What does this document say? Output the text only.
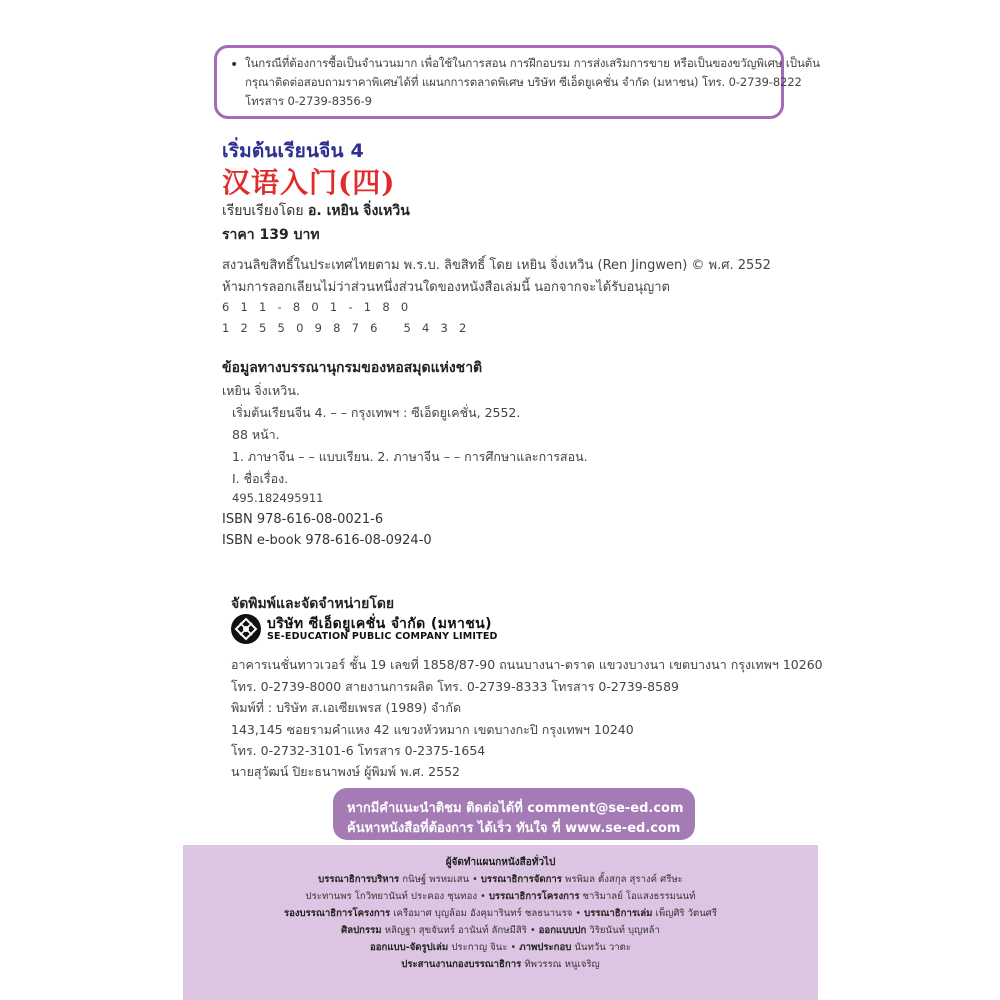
• ในกรณีที่ต้องการซื้อเป็นจำนวนมาก เพื่อใช้ในการสอน การฝึกอบรม การส่งเสริมการขาย หรือเป็นของขวัญพิเศษ เป็นต้น
กรุณาติดต่อสอบถามราคาพิเศษได้ที่ แผนกการตลาดพิเศษ บริษัท ซีเอ็ดยูเคชั่น จำกัด (มหาชน) โทร. 0-2739-8222
โทรสาร 0-2739-8356-9
เริ่มต้นเรียนจีน 4
汉语入门(四)
เรียบเรียงโดย อ. เหยิน จิ่งเหวิน
ราคา 139 บาท
สงวนลิขสิทธิ์ในประเทศไทยตาม พ.ร.บ. ลิขสิทธิ์ โดย เหยิน จิ่งเหวิน (Ren Jingwen) © พ.ศ. 2552
ห้ามการลอกเลียนไม่ว่าส่วนหนึ่งส่วนใดของหนังสือเล่มนี้ นอกจากจะได้รับอนุญาต
611-801-180
125509876 5432
ข้อมูลทางบรรณานุกรมของหอสมุดแห่งชาติ
เหยิน จิ่งเหวิน.
เริ่มต้นเรียนจีน 4. – – กรุงเทพฯ : ซีเอ็ดยูเคชั่น, 2552.
88 หน้า.
1. ภาษาจีน – – แบบเรียน. 2. ภาษาจีน – – การศึกษาและการสอน.
I. ชื่อเรื่อง.
495.182495911
ISBN 978-616-08-0021-6
ISBN e-book 978-616-08-0924-0
จัดพิมพ์และจัดจำหน่ายโดย
บริษัท ซีเอ็ดยูเคชั่น จำกัด (มหาชน)
SE-EDUCATION PUBLIC COMPANY LIMITED
อาคารเนชั่นทาวเวอร์ ชั้น 19 เลขที่ 1858/87-90 ถนนบางนา-ตราด แขวงบางนา เขตบางนา กรุงเทพฯ 10260
โทร. 0-2739-8000 สายงานการผลิต โทร. 0-2739-8333 โทรสาร 0-2739-8589
พิมพ์ที่ : บริษัท ส.เอเซียเพรส (1989) จำกัด
143,145 ซอยรามคำแหง 42 แขวงหัวหมาก เขตบางกะปิ กรุงเทพฯ 10240
โทร. 0-2732-3101-6 โทรสาร 0-2375-1654
นายสุวัฒน์ ปิยะธนาพงษ์ ผู้พิมพ์ พ.ศ. 2552
หากมีคำแนะนำติชม ติดต่อได้ที่ comment@se-ed.com
ค้นหาหนังสือที่ต้องการ ได้เร็ว ทันใจ ที่ www.se-ed.com
ผู้จัดทำแผนกหนังสือทั่วไป
บรรณาธิการบริหาร กนิษฐ์ พรหมเสน • บรรณาธิการจัดการ พรพิมล ตั้งสกุล สุรางค์ ศรีษะ
ประทานพร โกวิทยานันท์ ประคอง ชุนทอง • บรรณาธิการโครงการ ชาริมาลย์ โอแสงธรรมนนท์
รองบรรณาธิการโครงการ เครือมาศ บุญล้อม อังคุมารินทร์ ชลธนานรจ • บรรณาธิการเล่ม เพ็ญศิริ วัตนศรี
ศิลปกรรม หลิญฐา สุขจันทร์ อานันท์ ลักษมีสิริ • ออกแบบปก วิริยนันท์ บุญหล้า
ออกแบบ-จัดรูปเล่ม ประกาญ จินะ • ภาพประกอบ นันทวัน วาตะ
ประสานงานกองบรรณาธิการ ทิพวรรณ หนูเจริญ
